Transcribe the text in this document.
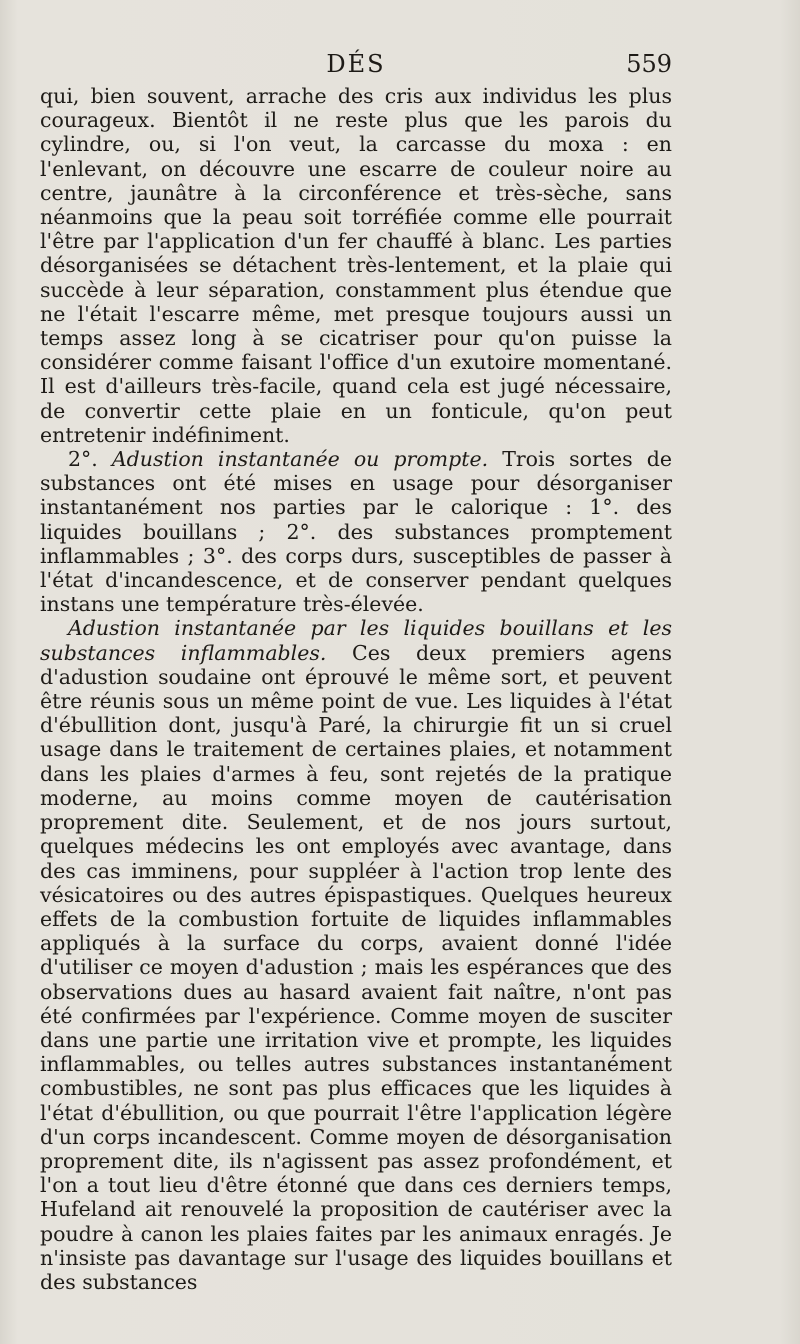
DÉS	559

qui, bien souvent, arrache des cris aux individus les plus courageux. Bientôt il ne reste plus que les parois du cylindre, ou, si l'on veut, la carcasse du moxa : en l'enlevant, on découvre une escarre de couleur noire au centre, jaunâtre à la circonférence et très-sèche, sans néanmoins que la peau soit torréfiée comme elle pourrait l'être par l'application d'un fer chauffé à blanc. Les parties désorganisées se détachent très-lentement, et la plaie qui succède à leur séparation, constamment plus étendue que ne l'était l'escarre même, met presque toujours aussi un temps assez long à se cicatriser pour qu'on puisse la considérer comme faisant l'office d'un exutoire momentané. Il est d'ailleurs très-facile, quand cela est jugé nécessaire, de convertir cette plaie en un fonticule, qu'on peut entretenir indéfiniment.

2°. Adustion instantanée ou prompte. Trois sortes de substances ont été mises en usage pour désorganiser instantanément nos parties par le calorique : 1°. des liquides bouillans ; 2°. des substances promptement inflammables ; 3°. des corps durs, susceptibles de passer à l'état d'incandescence, et de conserver pendant quelques instans une température très-élevée.

Adustion instantanée par les liquides bouillans et les substances inflammables. Ces deux premiers agens d'adustion soudaine ont éprouvé le même sort, et peuvent être réunis sous un même point de vue. Les liquides à l'état d'ébullition dont, jusqu'à Paré, la chirurgie fit un si cruel usage dans le traitement de certaines plaies, et notamment dans les plaies d'armes à feu, sont rejetés de la pratique moderne, au moins comme moyen de cautérisation proprement dite. Seulement, et de nos jours surtout, quelques médecins les ont employés avec avantage, dans des cas imminens, pour suppléer à l'action trop lente des vésicatoires ou des autres épispastiques. Quelques heureux effets de la combustion fortuite de liquides inflammables appliqués à la surface du corps, avaient donné l'idée d'utiliser ce moyen d'adustion ; mais les espérances que des observations dues au hasard avaient fait naître, n'ont pas été confirmées par l'expérience. Comme moyen de susciter dans une partie une irritation vive et prompte, les liquides inflammables, ou telles autres substances instantanément combustibles, ne sont pas plus efficaces que les liquides à l'état d'ébullition, ou que pourrait l'être l'application légère d'un corps incandescent. Comme moyen de désorganisation proprement dite, ils n'agissent pas assez profondément, et l'on a tout lieu d'être étonné que dans ces derniers temps, Hufeland ait renouvelé la proposition de cautériser avec la poudre à canon les plaies faites par les animaux enragés. Je n'insiste pas davantage sur l'usage des liquides bouillans et des substances
